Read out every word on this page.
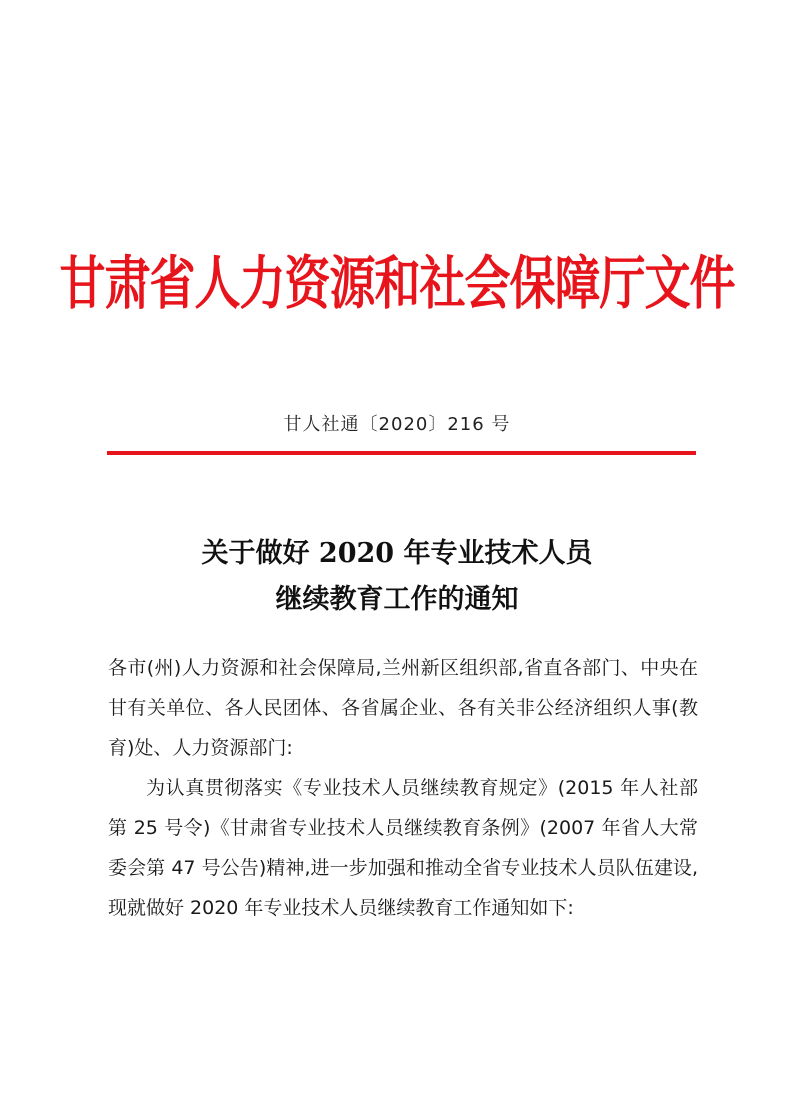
甘肃省人力资源和社会保障厅文件
甘人社通〔2020〕216 号
关于做好 2020 年专业技术人员
继续教育工作的通知

各市(州)人力资源和社会保障局,兰州新区组织部,省直各部门、中央在甘有关单位、各人民团体、各省属企业、各有关非公经济组织人事(教育)处、人力资源部门:

为认真贯彻落实《专业技术人员继续教育规定》(2015 年人社部第 25 号令)《甘肃省专业技术人员继续教育条例》(2007 年省人大常委会第 47 号公告)精神,进一步加强和推动全省专业技术人员队伍建设,现就做好 2020 年专业技术人员继续教育工作通知如下:
